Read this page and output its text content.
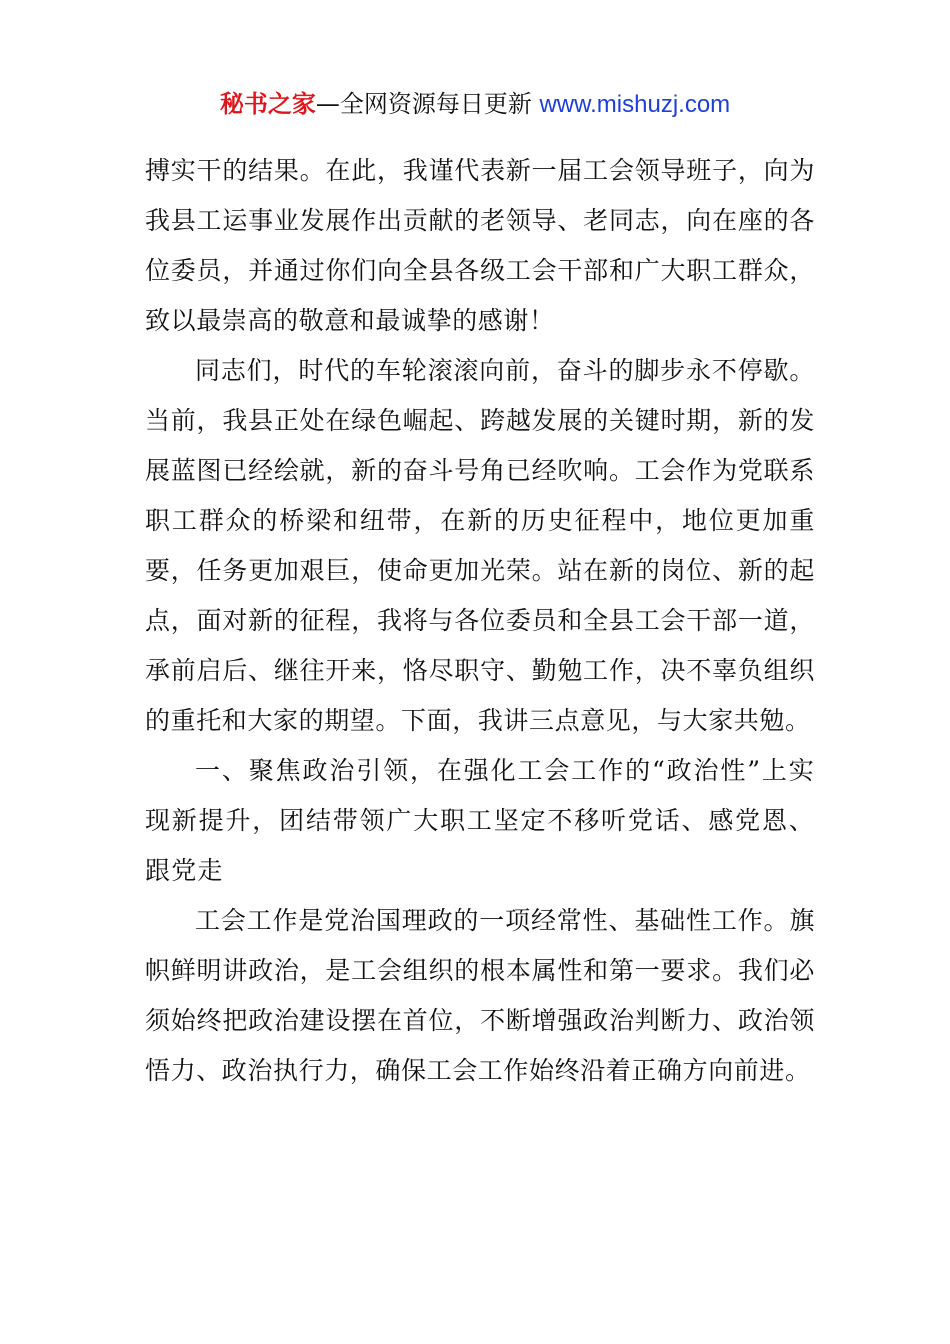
秘书之家—全网资源每日更新 www.mishuzj.com

搏实干的结果。在此，我谨代表新一届工会领导班子，向为我县工运事业发展作出贡献的老领导、老同志，向在座的各位委员，并通过你们向全县各级工会干部和广大职工群众，致以最崇高的敬意和最诚挚的感谢！

同志们，时代的车轮滚滚向前，奋斗的脚步永不停歇。当前，我县正处在绿色崛起、跨越发展的关键时期，新的发展蓝图已经绘就，新的奋斗号角已经吹响。工会作为党联系职工群众的桥梁和纽带，在新的历史征程中，地位更加重要，任务更加艰巨，使命更加光荣。站在新的岗位、新的起点，面对新的征程，我将与各位委员和全县工会干部一道，承前启后、继往开来，恪尽职守、勤勉工作，决不辜负组织的重托和大家的期望。下面，我讲三点意见，与大家共勉。

一、聚焦政治引领，在强化工会工作的“政治性”上实现新提升，团结带领广大职工坚定不移听党话、感党恩、跟党走

工会工作是党治国理政的一项经常性、基础性工作。旗帜鲜明讲政治，是工会组织的根本属性和第一要求。我们必须始终把政治建设摆在首位，不断增强政治判断力、政治领悟力、政治执行力，确保工会工作始终沿着正确方向前进。
